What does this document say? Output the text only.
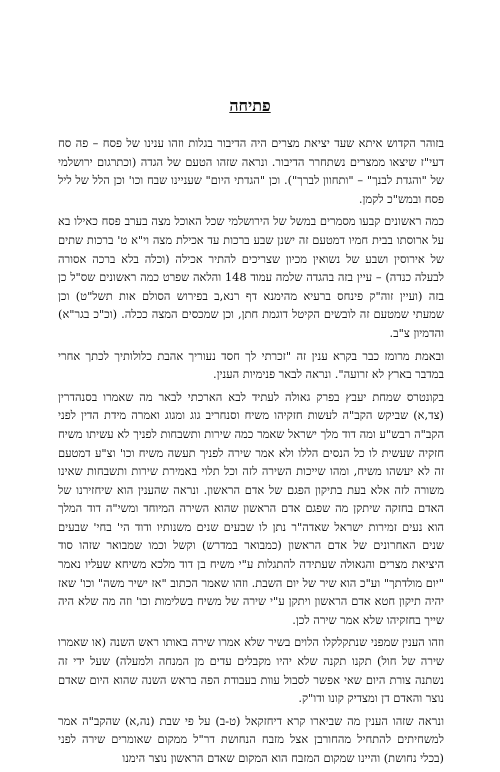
פתיחה

בזוהר הקדוש איתא שעד יציאת מצרים היה הדיבור בגלות וזהו ענינו של פסח – פה סח דעי"ז שיצאו ממצרים נשתחרר הדיבור. ונראה שזהו הטעם של הגדה (וכתרגום ירושלמי של "והגדת לבנך" – "ותחוון לברך"). וכן "הגדתי היום" שעניינו שבח וכו' וכן הלל של ליל פסח ובמש"כ לקמן.

כמה ראשונים קבעו מסמרים במשל של הירושלמי שכל האוכל מצה בערב פסח כאילו בא על ארוסתו בבית חמיו דמטעם זה ישנן שבע ברכות עד אכילת מצה וי"א ט' ברכות שתים של אירוסין ושבע של נשואין מכיון שצריכים להתיר אכילה (וכלה בלא ברכה אסורה לבעלה כנדה) – עיין בזה בהגדה שלמה עמוד 148 והלאה שפרט כמה ראשונים שס"ל כן בזה (ועיין זוה"ק פינחס ברעיא מהימנא דף רנא,ב בפירוש הסולם אות תשל"ט) וכן שמעתי שמטעם זה לובשים הקיטל דוגמת חתן, וכן שמכסים המצה ככלה. (וכ"כ בגר"א) והדמיון צ"ב.

ובאמת מרומז כבר בקרא ענין זה "זכרתי לך חסד נעוריך אהבת כלולותיך לכתך אחרי במדבר בארץ לא זרועה". ונראה לבאר פנימיות הענין.

בקונטרס שמחת יעבץ בפרק גאולה לעתיד לבא הארכתי לבאר מה שאמרו בסנהדרין (צד,א) שביקש הקב"ה לעשות חזקיהו משיח וסנחריב גוג ומגוג ואמרה מידת הדין לפני הקב"ה רבש"ע ומה דוד מלך ישראל שאמר כמה שירות ותשבחות לפניך לא עשיתו משיח חזקיה שעשית לו כל הנסים הללו ולא אמר שירה לפניך תעשה משיח וכו' וצ"ע דמטעם זה לא יעשהו משיח, ומהו שייכות השירה לזה וכל תלוי באמירת שירות ותשבחות שאינו משורה לזה אלא בעת בתיקון הפגם של אדם הראשון. ונראה שהענין הוא שיחזירנו של האדם בחזקה שיתקן מה שפגם אדם הראשון שהוא השירה המיוחד ומשי"ה דוד המלך הוא נעים זמירות ישראל שאדה"ר נתן לו שבעים שנים משנותיו ודוד הי' בחי' שבעים שנים האחרונים של אדם הראשון (כמבואר במדרש) וקשל וכמו שמבואר שזהו סוד היציאת מצרים והגאולה שעתידה להתגלות ע"י משיח בן דוד מלכא משיחא שעליו נאמר "יום מולדתך" וע"כ הוא שיר של יום השבת. וזהו שאמר הכתוב "אז ישיר משה" וכו' שאז יהיה תיקון חטא אדם הראשון ויתקן ע"י שירה של משיח בשלימות וכו' וזה מה שלא היה שייך בחזקיהו שלא אמר שירה לכן.

וזהו הענין שמפני שנתקלקלו הלוים בשיר שלא אמרו שירה באותו ראש השנה (או שאמרו שירה של חול) תקנו תקנה שלא יהיו מקבלים עדים מן המנחה ולמעלה) שעל ידי זה נשתנה צורת היום שאי אפשר לסבול עוות בעבודת הפה בראש השנה שהוא היום שאדם נוצר והאדם דן ומצדיק קונו ודו"ק.

ונראה שזהו הענין מה שביארו קרא דיחזקאל (ט-ב) על פי שבת (נה,א) שהקב"ה אמר למשחיתים להתחיל מהחורבן אצל מזבח הנחושת דר"ל ממקום שאומרים שירה לפני (בכלי נחושת) והיינו שמקום המזבח הוא המקום שאדם הראשון נוצר הימנו
